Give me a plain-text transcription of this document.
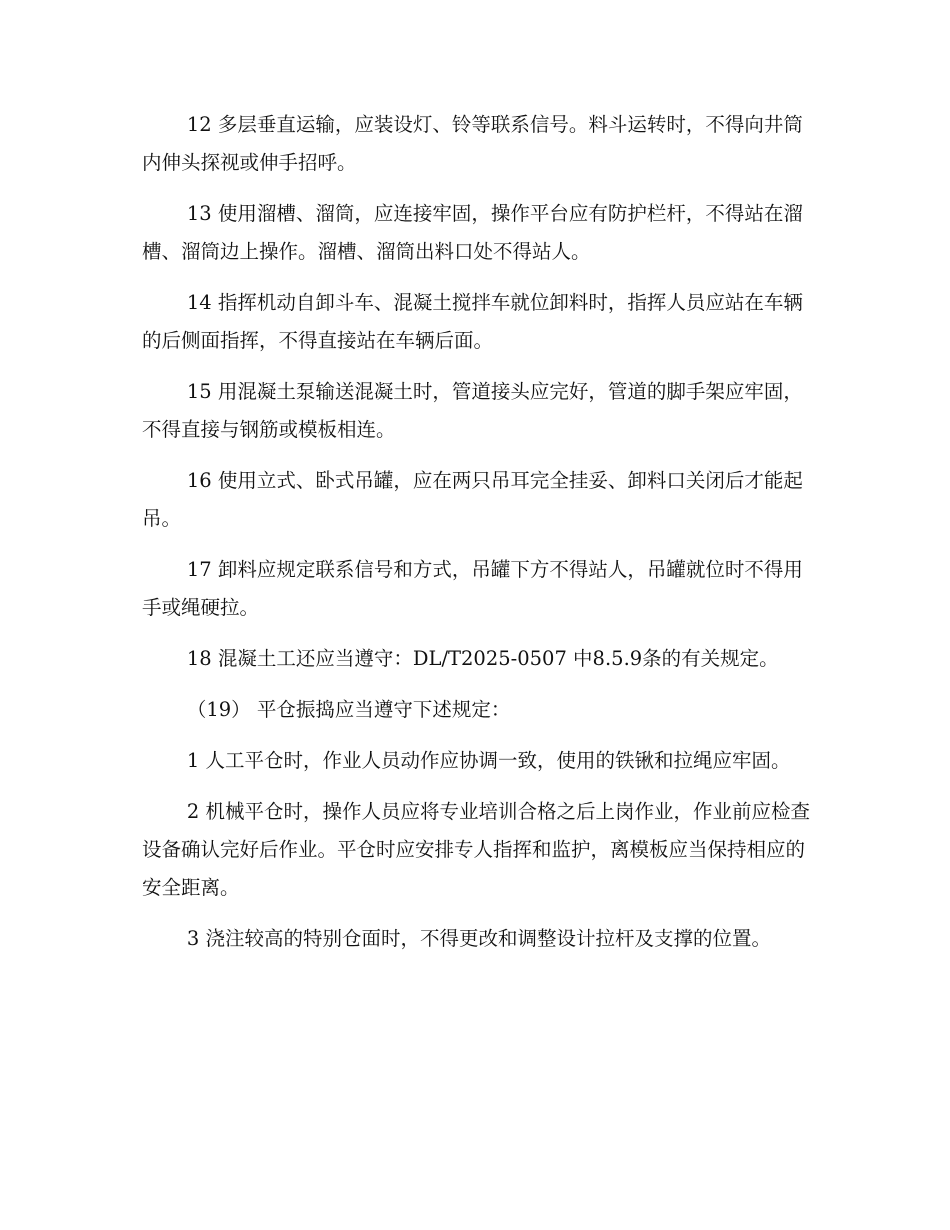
12 多层垂直运输，应装设灯、铃等联系信号。料斗运转时，不得向井筒内伸头探视或伸手招呼。

13 使用溜槽、溜筒，应连接牢固，操作平台应有防护栏杆，不得站在溜槽、溜筒边上操作。溜槽、溜筒出料口处不得站人。

14 指挥机动自卸斗车、混凝土搅拌车就位卸料时，指挥人员应站在车辆的后侧面指挥，不得直接站在车辆后面。

15 用混凝土泵输送混凝土时，管道接头应完好，管道的脚手架应牢固，不得直接与钢筋或模板相连。

16 使用立式、卧式吊罐，应在两只吊耳完全挂妥、卸料口关闭后才能起吊。

17 卸料应规定联系信号和方式，吊罐下方不得站人，吊罐就位时不得用手或绳硬拉。

18 混凝土工还应当遵守：DL/T2025-0507 中8.5.9条的有关规定。

（19） 平仓振捣应当遵守下述规定：

1 人工平仓时，作业人员动作应协调一致，使用的铁锹和拉绳应牢固。

2 机械平仓时，操作人员应将专业培训合格之后上岗作业，作业前应检查设备确认完好后作业。平仓时应安排专人指挥和监护，离模板应当保持相应的安全距离。

3 浇注较高的特别仓面时，不得更改和调整设计拉杆及支撑的位置。
